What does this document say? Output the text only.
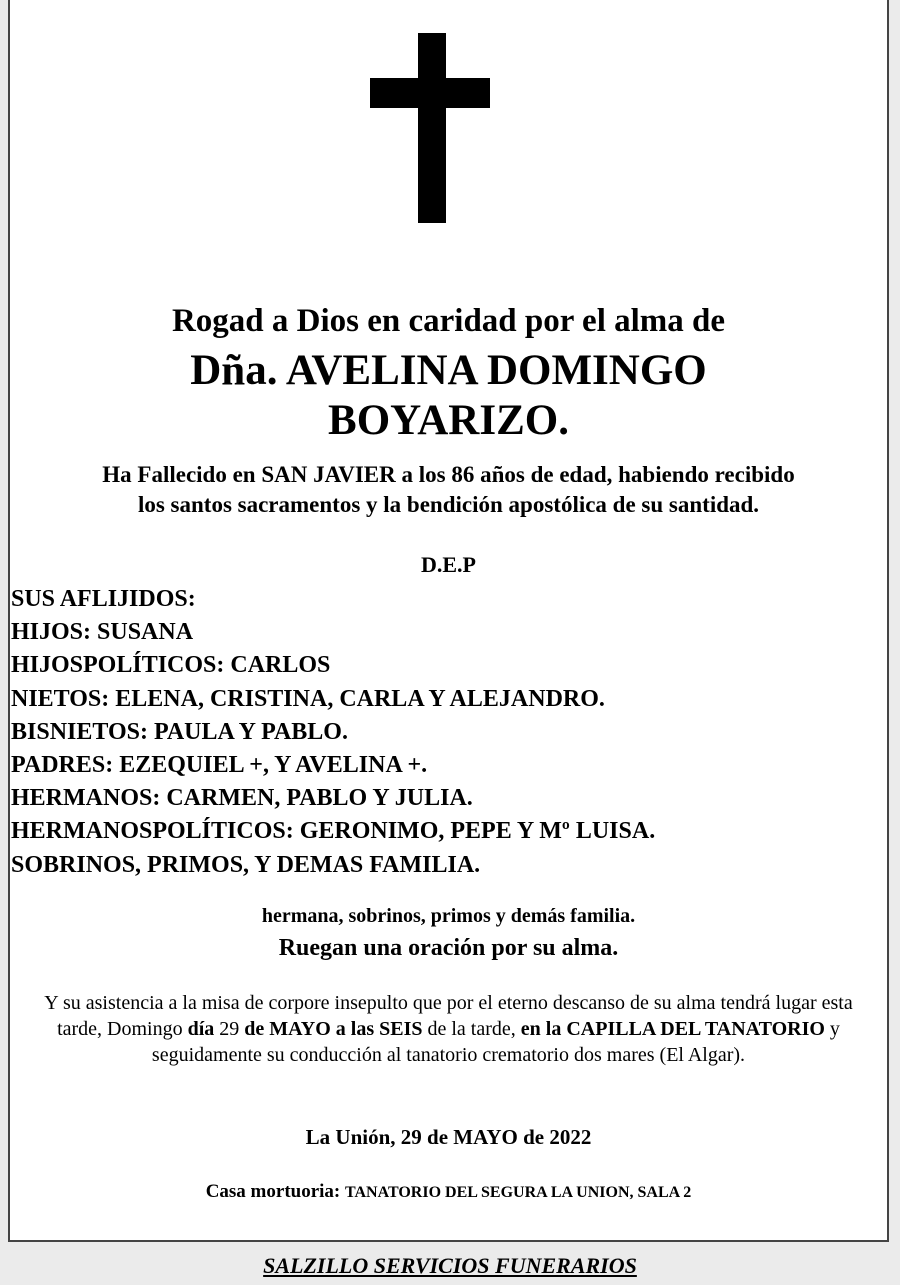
Rogad a Dios en caridad por el alma de
Dña. AVELINA DOMINGO
BOYARIZO.
Ha Fallecido en SAN JAVIER a los 86 años de edad, habiendo recibido
los santos sacramentos y la bendición apostólica de su santidad.
D.E.P
SUS AFLIJIDOS:
HIJOS: SUSANA
HIJOSPOLÍTICOS: CARLOS
NIETOS: ELENA, CRISTINA, CARLA Y ALEJANDRO.
BISNIETOS: PAULA Y PABLO.
PADRES: EZEQUIEL +, Y AVELINA +.
HERMANOS: CARMEN, PABLO Y JULIA.
HERMANOSPOLÍTICOS: GERONIMO, PEPE Y Mº LUISA.
SOBRINOS, PRIMOS, Y DEMAS FAMILIA.
hermana, sobrinos, primos y demás familia.
Ruegan una oración por su alma.
Y su asistencia a la misa de corpore insepulto que por el eterno descanso de su alma tendrá lugar esta tarde, Domingo día 29 de MAYO a las SEIS de la tarde, en la CAPILLA DEL TANATORIO y seguidamente su conducción al tanatorio crematorio dos mares (El Algar).
La Unión, 29 de MAYO de 2022
Casa mortuoria: TANATORIO DEL SEGURA LA UNION, SALA 2
SALZILLO SERVICIOS FUNERARIOS
